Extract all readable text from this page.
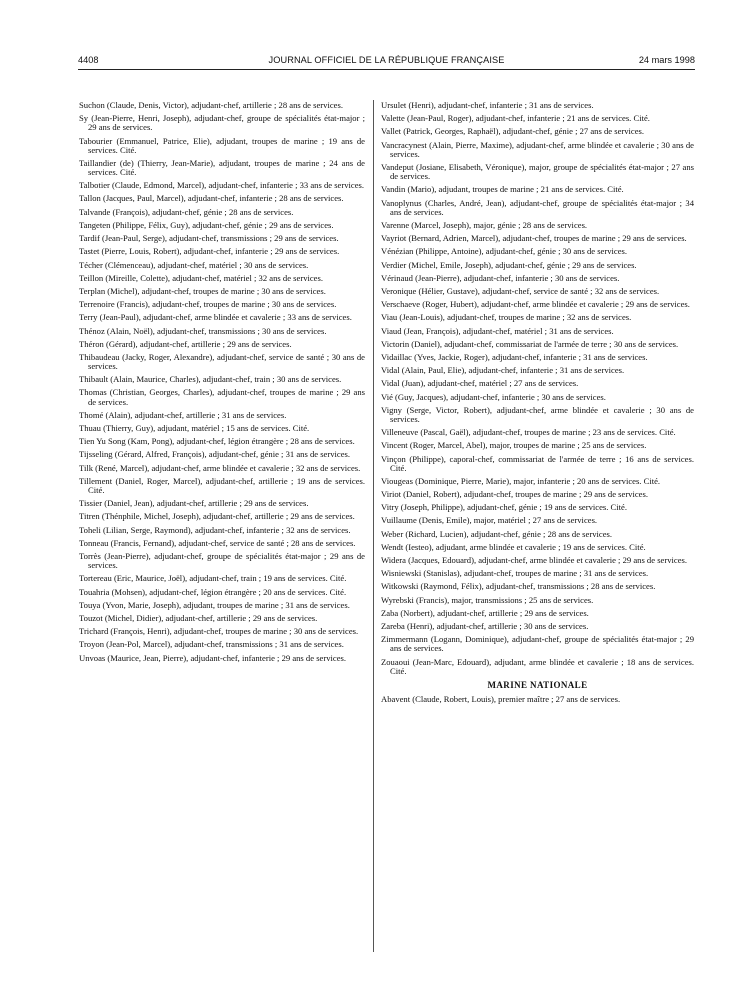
4408	JOURNAL OFFICIEL DE LA RÉPUBLIQUE FRANÇAISE	24 mars 1998

Suchon (Claude, Denis, Victor), adjudant-chef, artillerie ; 28 ans de services.

Sy (Jean-Pierre, Henri, Joseph), adjudant-chef, groupe de spécialités état-major ; 29 ans de services.

Tabourier (Emmanuel, Patrice, Elie), adjudant, troupes de marine ; 19 ans de services. Cité.

Taillandier (de) (Thierry, Jean-Marie), adjudant, troupes de marine ; 24 ans de services. Cité.

Talbotier (Claude, Edmond, Marcel), adjudant-chef, infanterie ; 33 ans de services.

Tallon (Jacques, Paul, Marcel), adjudant-chef, infanterie ; 28 ans de services.

Talvande (François), adjudant-chef, génie ; 28 ans de services.

Tangeten (Philippe, Félix, Guy), adjudant-chef, génie ; 29 ans de services.

Tardif (Jean-Paul, Serge), adjudant-chef, transmissions ; 29 ans de services.

Tastet (Pierre, Louis, Robert), adjudant-chef, infanterie ; 29 ans de services.

Técher (Clémenceau), adjudant-chef, matériel ; 30 ans de services.

Teillon (Mireille, Colette), adjudant-chef, matériel ; 32 ans de services.

Terplan (Michel), adjudant-chef, troupes de marine ; 30 ans de services.

Terrenoire (Francis), adjudant-chef, troupes de marine ; 30 ans de services.

Terry (Jean-Paul), adjudant-chef, arme blindée et cavalerie ; 33 ans de services.

Thénoz (Alain, Noël), adjudant-chef, transmissions ; 30 ans de services.

Théron (Gérard), adjudant-chef, artillerie ; 29 ans de services.

Thibaudeau (Jacky, Roger, Alexandre), adjudant-chef, service de santé ; 30 ans de services.

Thibault (Alain, Maurice, Charles), adjudant-chef, train ; 30 ans de services.

Thomas (Christian, Georges, Charles), adjudant-chef, troupes de marine ; 29 ans de services.

Thomé (Alain), adjudant-chef, artillerie ; 31 ans de services.

Thuau (Thierry, Guy), adjudant, matériel ; 15 ans de services. Cité.

Tien Yu Song (Kam, Pong), adjudant-chef, légion étrangère ; 28 ans de services.

Tijsseling (Gérard, Alfred, François), adjudant-chef, génie ; 31 ans de services.

Tilk (René, Marcel), adjudant-chef, arme blindée et cavalerie ; 32 ans de services.

Tillement (Daniel, Roger, Marcel), adjudant-chef, artillerie ; 19 ans de services. Cité.

Tissier (Daniel, Jean), adjudant-chef, artillerie ; 29 ans de services.

Titren (Thénphile, Michel, Joseph), adjudant-chef, artillerie ; 29 ans de services.

Toheli (Lilian, Serge, Raymond), adjudant-chef, infanterie ; 32 ans de services.

Tonneau (Francis, Fernand), adjudant-chef, service de santé ; 28 ans de services.

Torrès (Jean-Pierre), adjudant-chef, groupe de spécialités état-major ; 29 ans de services.

Tortereau (Eric, Maurice, Joël), adjudant-chef, train ; 19 ans de services. Cité.

Touahria (Mohsen), adjudant-chef, légion étrangère ; 20 ans de services. Cité.

Touya (Yvon, Marie, Joseph), adjudant, troupes de marine ; 31 ans de services.

Touzot (Michel, Didier), adjudant-chef, artillerie ; 29 ans de services.

Trichard (François, Henri), adjudant-chef, troupes de marine ; 30 ans de services.

Troyon (Jean-Pol, Marcel), adjudant-chef, transmissions ; 31 ans de services.

Unvoas (Maurice, Jean, Pierre), adjudant-chef, infanterie ; 29 ans de services.

Ursulet (Henri), adjudant-chef, infanterie ; 31 ans de services.

Valette (Jean-Paul, Roger), adjudant-chef, infanterie ; 21 ans de services. Cité.

Vallet (Patrick, Georges, Raphaël), adjudant-chef, génie ; 27 ans de services.

Vancracynest (Alain, Pierre, Maxime), adjudant-chef, arme blindée et cavalerie ; 30 ans de services.

Vandeput (Josiane, Elisabeth, Véronique), major, groupe de spécialités état-major ; 27 ans de services.

Vandin (Mario), adjudant, troupes de marine ; 21 ans de services. Cité.

Vanoplynus (Charles, André, Jean), adjudant-chef, groupe de spécialités état-major ; 34 ans de services.

Varenne (Marcel, Joseph), major, génie ; 28 ans de services.

Vayriot (Bernard, Adrien, Marcel), adjudant-chef, troupes de marine ; 29 ans de services.

Vénézian (Philippe, Antoine), adjudant-chef, génie ; 30 ans de services.

Verdier (Michel, Emile, Joseph), adjudant-chef, génie ; 29 ans de services.

Vérinaud (Jean-Pierre), adjudant-chef, infanterie ; 30 ans de services.

Veronique (Hélier, Gustave), adjudant-chef, service de santé ; 32 ans de services.

Verschaeve (Roger, Hubert), adjudant-chef, arme blindée et cavalerie ; 29 ans de services.

Viau (Jean-Louis), adjudant-chef, troupes de marine ; 32 ans de services.

Viaud (Jean, François), adjudant-chef, matériel ; 31 ans de services.

Victorin (Daniel), adjudant-chef, commissariat de l'armée de terre ; 30 ans de services.

Vidaillac (Yves, Jackie, Roger), adjudant-chef, infanterie ; 31 ans de services.

Vidal (Alain, Paul, Elie), adjudant-chef, infanterie ; 31 ans de services.

Vidal (Juan), adjudant-chef, matériel ; 27 ans de services.

Vié (Guy, Jacques), adjudant-chef, infanterie ; 30 ans de services.

Vigny (Serge, Victor, Robert), adjudant-chef, arme blindée et cavalerie ; 30 ans de services.

Villeneuve (Pascal, Gaël), adjudant-chef, troupes de marine ; 23 ans de services. Cité.

Vincent (Roger, Marcel, Abel), major, troupes de marine ; 25 ans de services.

Vinçon (Philippe), caporal-chef, commissariat de l'armée de terre ; 16 ans de services. Cité.

Viougeas (Dominique, Pierre, Marie), major, infanterie ; 20 ans de services. Cité.

Viriot (Daniel, Robert), adjudant-chef, troupes de marine ; 29 ans de services.

Vitry (Joseph, Philippe), adjudant-chef, génie ; 19 ans de services. Cité.

Vuillaume (Denis, Emile), major, matériel ; 27 ans de services.

Weber (Richard, Lucien), adjudant-chef, génie ; 28 ans de services.

Wendt (Iesteo), adjudant, arme blindée et cavalerie ; 19 ans de services. Cité.

Widera (Jacques, Edouard), adjudant-chef, arme blindée et cavalerie ; 29 ans de services.

Wisniewski (Stanislas), adjudant-chef, troupes de marine ; 31 ans de services.

Witkowski (Raymond, Félix), adjudant-chef, transmissions ; 28 ans de services.

Wyrebski (Francis), major, transmissions ; 25 ans de services.

Zaba (Norbert), adjudant-chef, artillerie ; 29 ans de services.

Zareba (Henri), adjudant-chef, artillerie ; 30 ans de services.

Zimmermann (Logann, Dominique), adjudant-chef, groupe de spécialités état-major ; 29 ans de services.

Zouaoui (Jean-Marc, Edouard), adjudant, arme blindée et cavalerie ; 18 ans de services. Cité.

MARINE NATIONALE

Abavent (Claude, Robert, Louis), premier maître ; 27 ans de services.
